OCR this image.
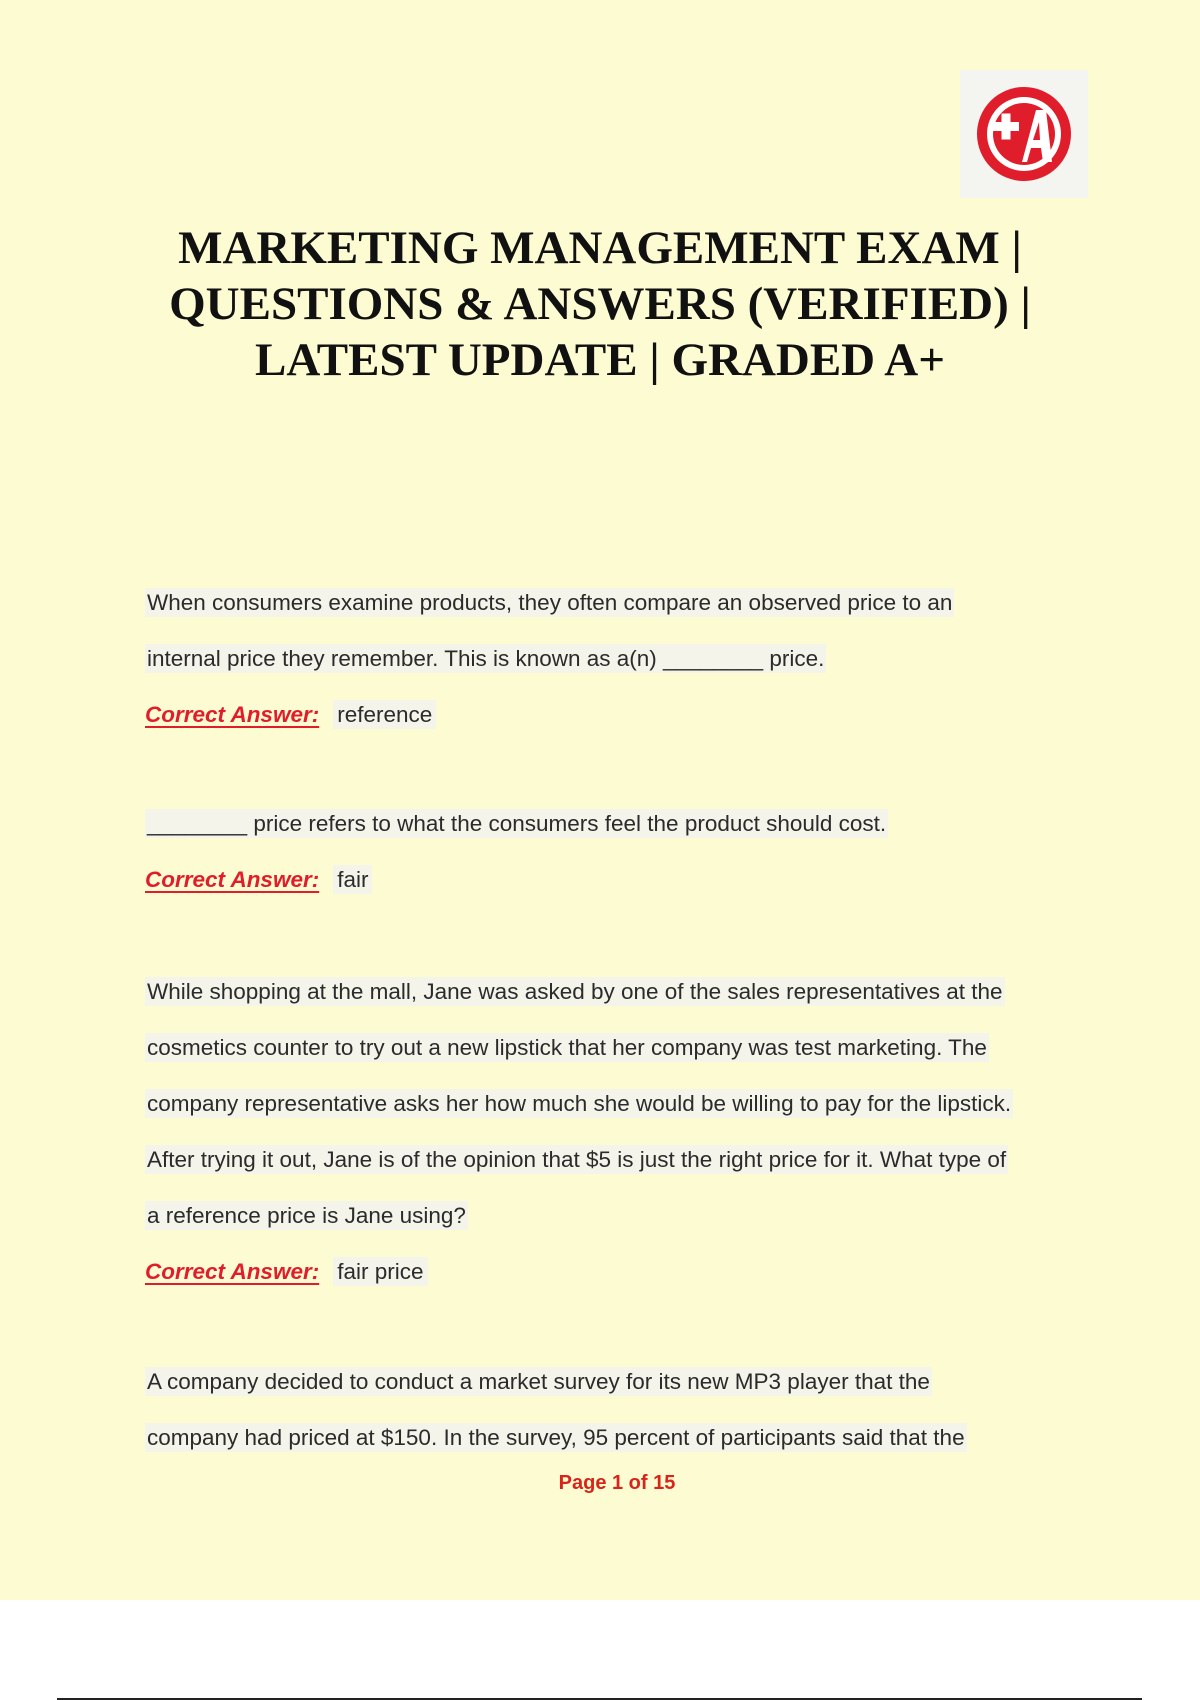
MARKETING MANAGEMENT EXAM |
QUESTIONS & ANSWERS (VERIFIED) |
LATEST UPDATE | GRADED A+
When consumers examine products, they often compare an observed price to an
internal price they remember. This is known as a(n) ________ price.
Correct Answer: reference
________ price refers to what the consumers feel the product should cost.
Correct Answer: fair
While shopping at the mall, Jane was asked by one of the sales representatives at the
cosmetics counter to try out a new lipstick that her company was test marketing. The
company representative asks her how much she would be willing to pay for the lipstick.
After trying it out, Jane is of the opinion that $5 is just the right price for it. What type of
a reference price is Jane using?
Correct Answer: fair price
A company decided to conduct a market survey for its new MP3 player that the
company had priced at $150. In the survey, 95 percent of participants said that the
Page 1 of 15
